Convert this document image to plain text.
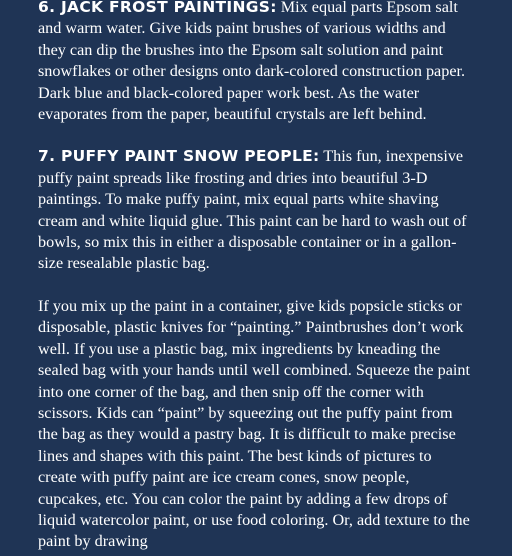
6. JACK FROST PAINTINGS: Mix equal parts Epsom salt and warm water. Give kids paint brushes of various widths and they can dip the brushes into the Epsom salt solution and paint snowflakes or other designs onto dark-colored construction paper. Dark blue and black-colored paper work best. As the water evaporates from the paper, beautiful crystals are left behind.

7. PUFFY PAINT SNOW PEOPLE: This fun, inexpensive puffy paint spreads like frosting and dries into beautiful 3-D paintings. To make puffy paint, mix equal parts white shaving cream and white liquid glue. This paint can be hard to wash out of bowls, so mix this in either a disposable container or in a gallon-size resealable plastic bag.

If you mix up the paint in a container, give kids popsicle sticks or disposable, plastic knives for “painting.” Paintbrushes don’t work well. If you use a plastic bag, mix ingredients by kneading the sealed bag with your hands until well combined. Squeeze the paint into one corner of the bag, and then snip off the corner with scissors. Kids can “paint” by squeezing out the puffy paint from the bag as they would a pastry bag. It is difficult to make precise lines and shapes with this paint. The best kinds of pictures to create with puffy paint are ice cream cones, snow people, cupcakes, etc. You can color the paint by adding a few drops of liquid watercolor paint, or use food coloring. Or, add texture to the paint by drawing
